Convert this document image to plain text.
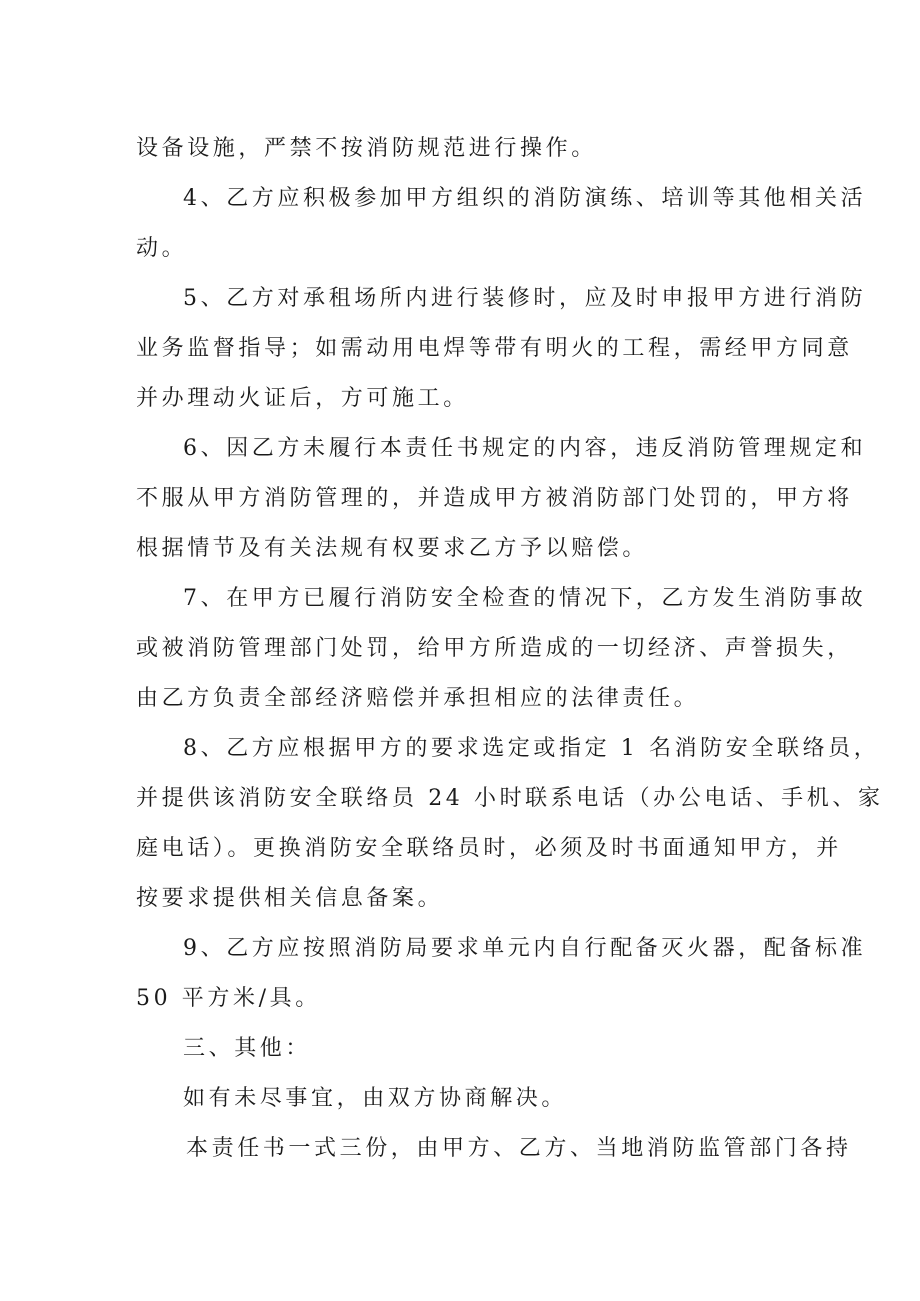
设备设施，严禁不按消防规范进行操作。
4、乙方应积极参加甲方组织的消防演练、培训等其他相关活
动。
5、乙方对承租场所内进行装修时，应及时申报甲方进行消防
业务监督指导；如需动用电焊等带有明火的工程，需经甲方同意
并办理动火证后，方可施工。
6、因乙方未履行本责任书规定的内容，违反消防管理规定和
不服从甲方消防管理的，并造成甲方被消防部门处罚的，甲方将
根据情节及有关法规有权要求乙方予以赔偿。
7、在甲方已履行消防安全检查的情况下，乙方发生消防事故
或被消防管理部门处罚，给甲方所造成的一切经济、声誉损失，
由乙方负责全部经济赔偿并承担相应的法律责任。
8、乙方应根据甲方的要求选定或指定 1 名消防安全联络员，
并提供该消防安全联络员 24 小时联系电话（办公电话、手机、家
庭电话）。更换消防安全联络员时，必须及时书面通知甲方，并
按要求提供相关信息备案。
9、乙方应按照消防局要求单元内自行配备灭火器，配备标准
50 平方米/具。
三、其他：
如有未尽事宜，由双方协商解决。
本责任书一式三份，由甲方、乙方、当地消防监管部门各持
